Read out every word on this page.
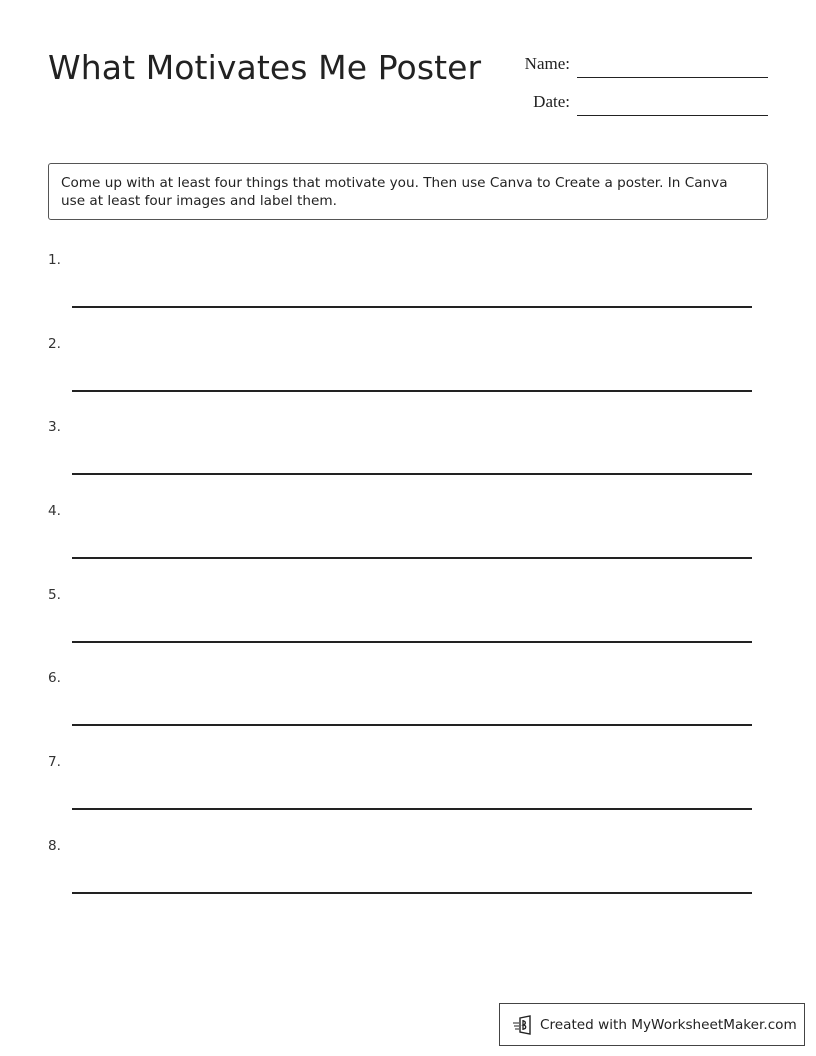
What Motivates Me Poster	Name:
Date:
Come up with at least four things that motivate you. Then use Canva to Create a poster. In Canva use at least four images and label them.
1.
2.
3.
4.
5.
6.
7.
8.
Created with MyWorksheetMaker.com
